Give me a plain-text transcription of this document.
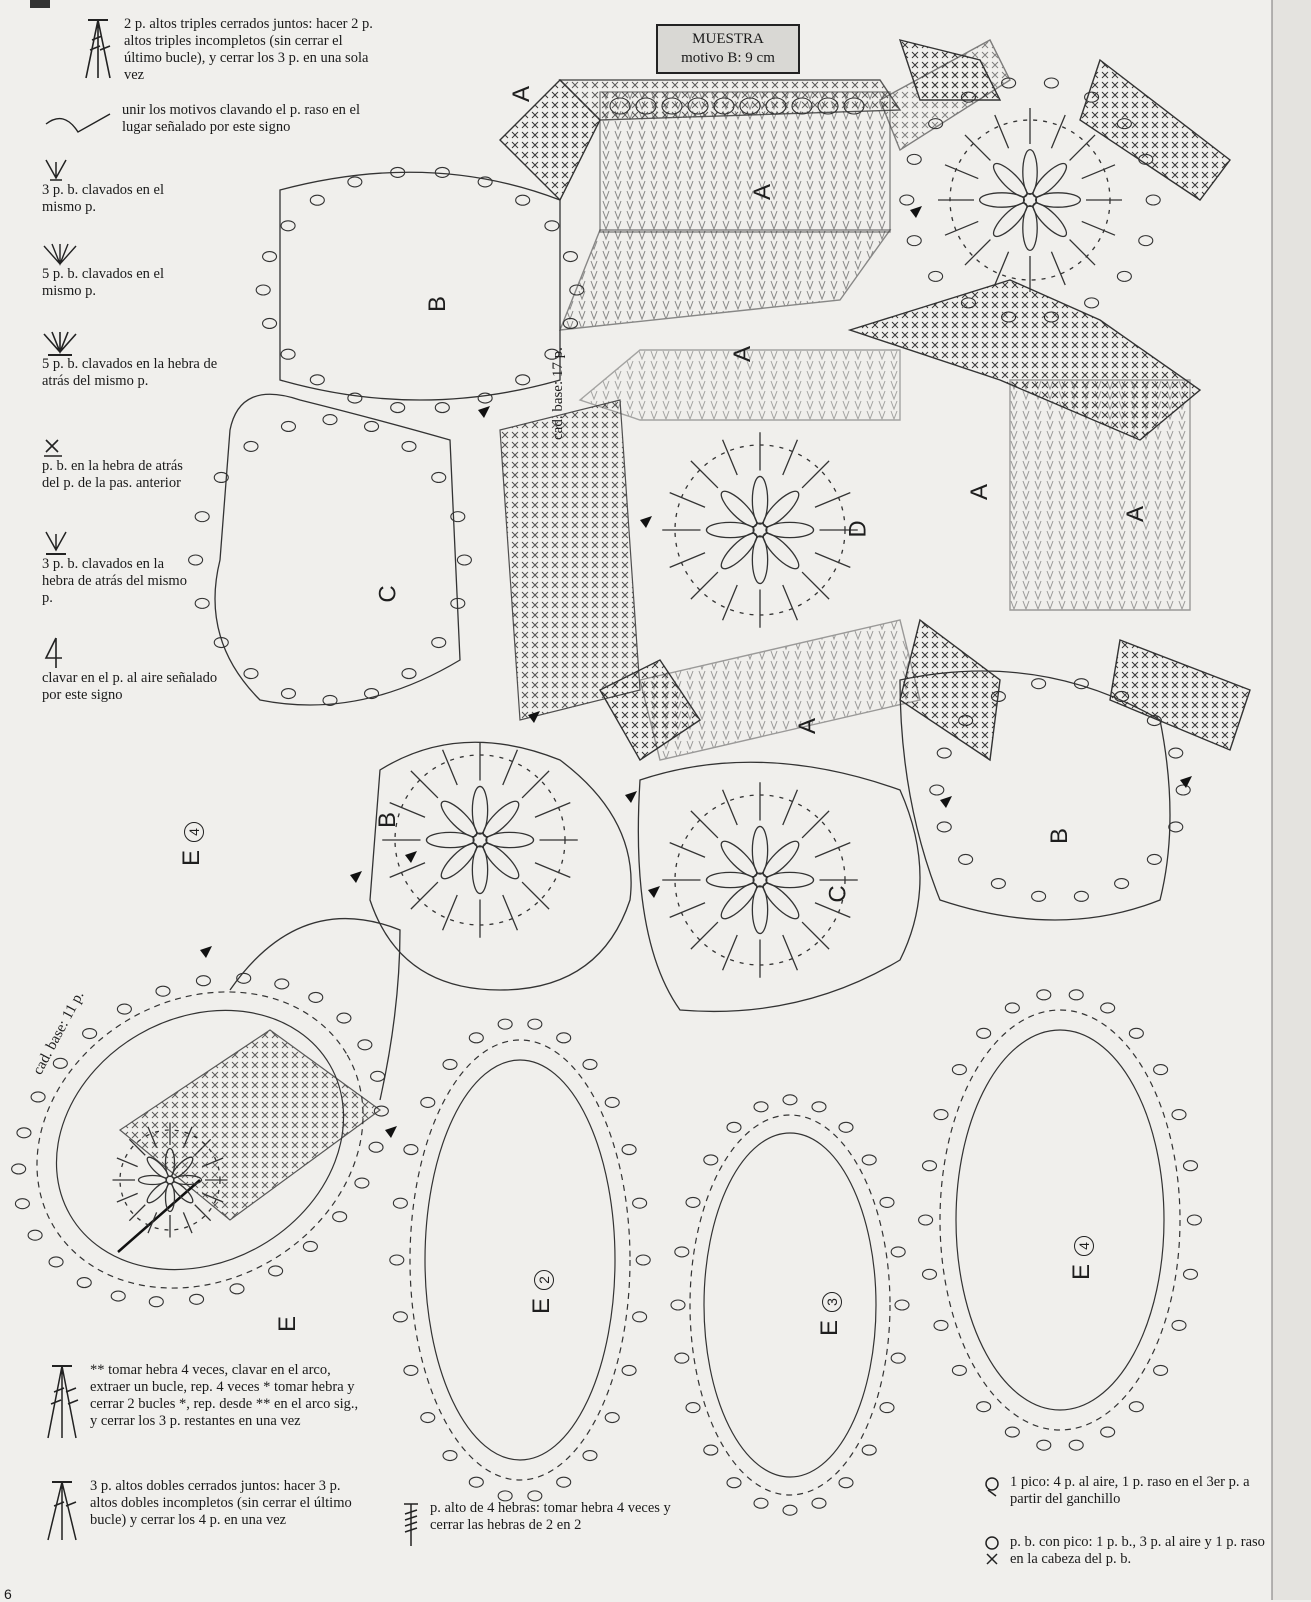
MUESTRA
motivo B: 9 cm
2 p. altos triples cerrados juntos: hacer 2 p. altos triples incompletos (sin cerrar el último bucle), y cerrar los 3 p. en una sola vez
unir los motivos clavando el p. raso en el lugar señalado por este signo
3 p. b. clavados en el mismo p.
5 p. b. clavados en el mismo p.
5 p. b. clavados en la hebra de atrás del mismo p.
p. b. en la hebra de atrás del p. de la pas. anterior
3 p. b. clavados en la hebra de atrás del mismo p.
clavar en el p. al aire señalado por este signo
** tomar hebra 4 veces, clavar en el arco, extraer un bucle, rep. 4 veces * tomar hebra y cerrar 2 bucles *, rep. desde ** en el arco sig., y cerrar los 3 p. restantes en una vez
3 p. altos dobles cerrados juntos: hacer 3 p. altos dobles incompletos (sin cerrar el último bucle) y cerrar los 4 p. en una vez
p. alto de 4 hebras: tomar hebra 4 veces y cerrar las hebras de 2 en 2
1 pico: 4 p. al aire, 1 p. raso en el 3er p. a partir del ganchillo
p. b. con pico: 1 p. b., 3 p. al aire y 1 p. raso en la cabeza del p. b.
A
A
A
A
A
A
B
B
B
C
C
D
E2
E3
E4
E4
E
cad. base: 17 p.
cad. base: 11 p.
6
